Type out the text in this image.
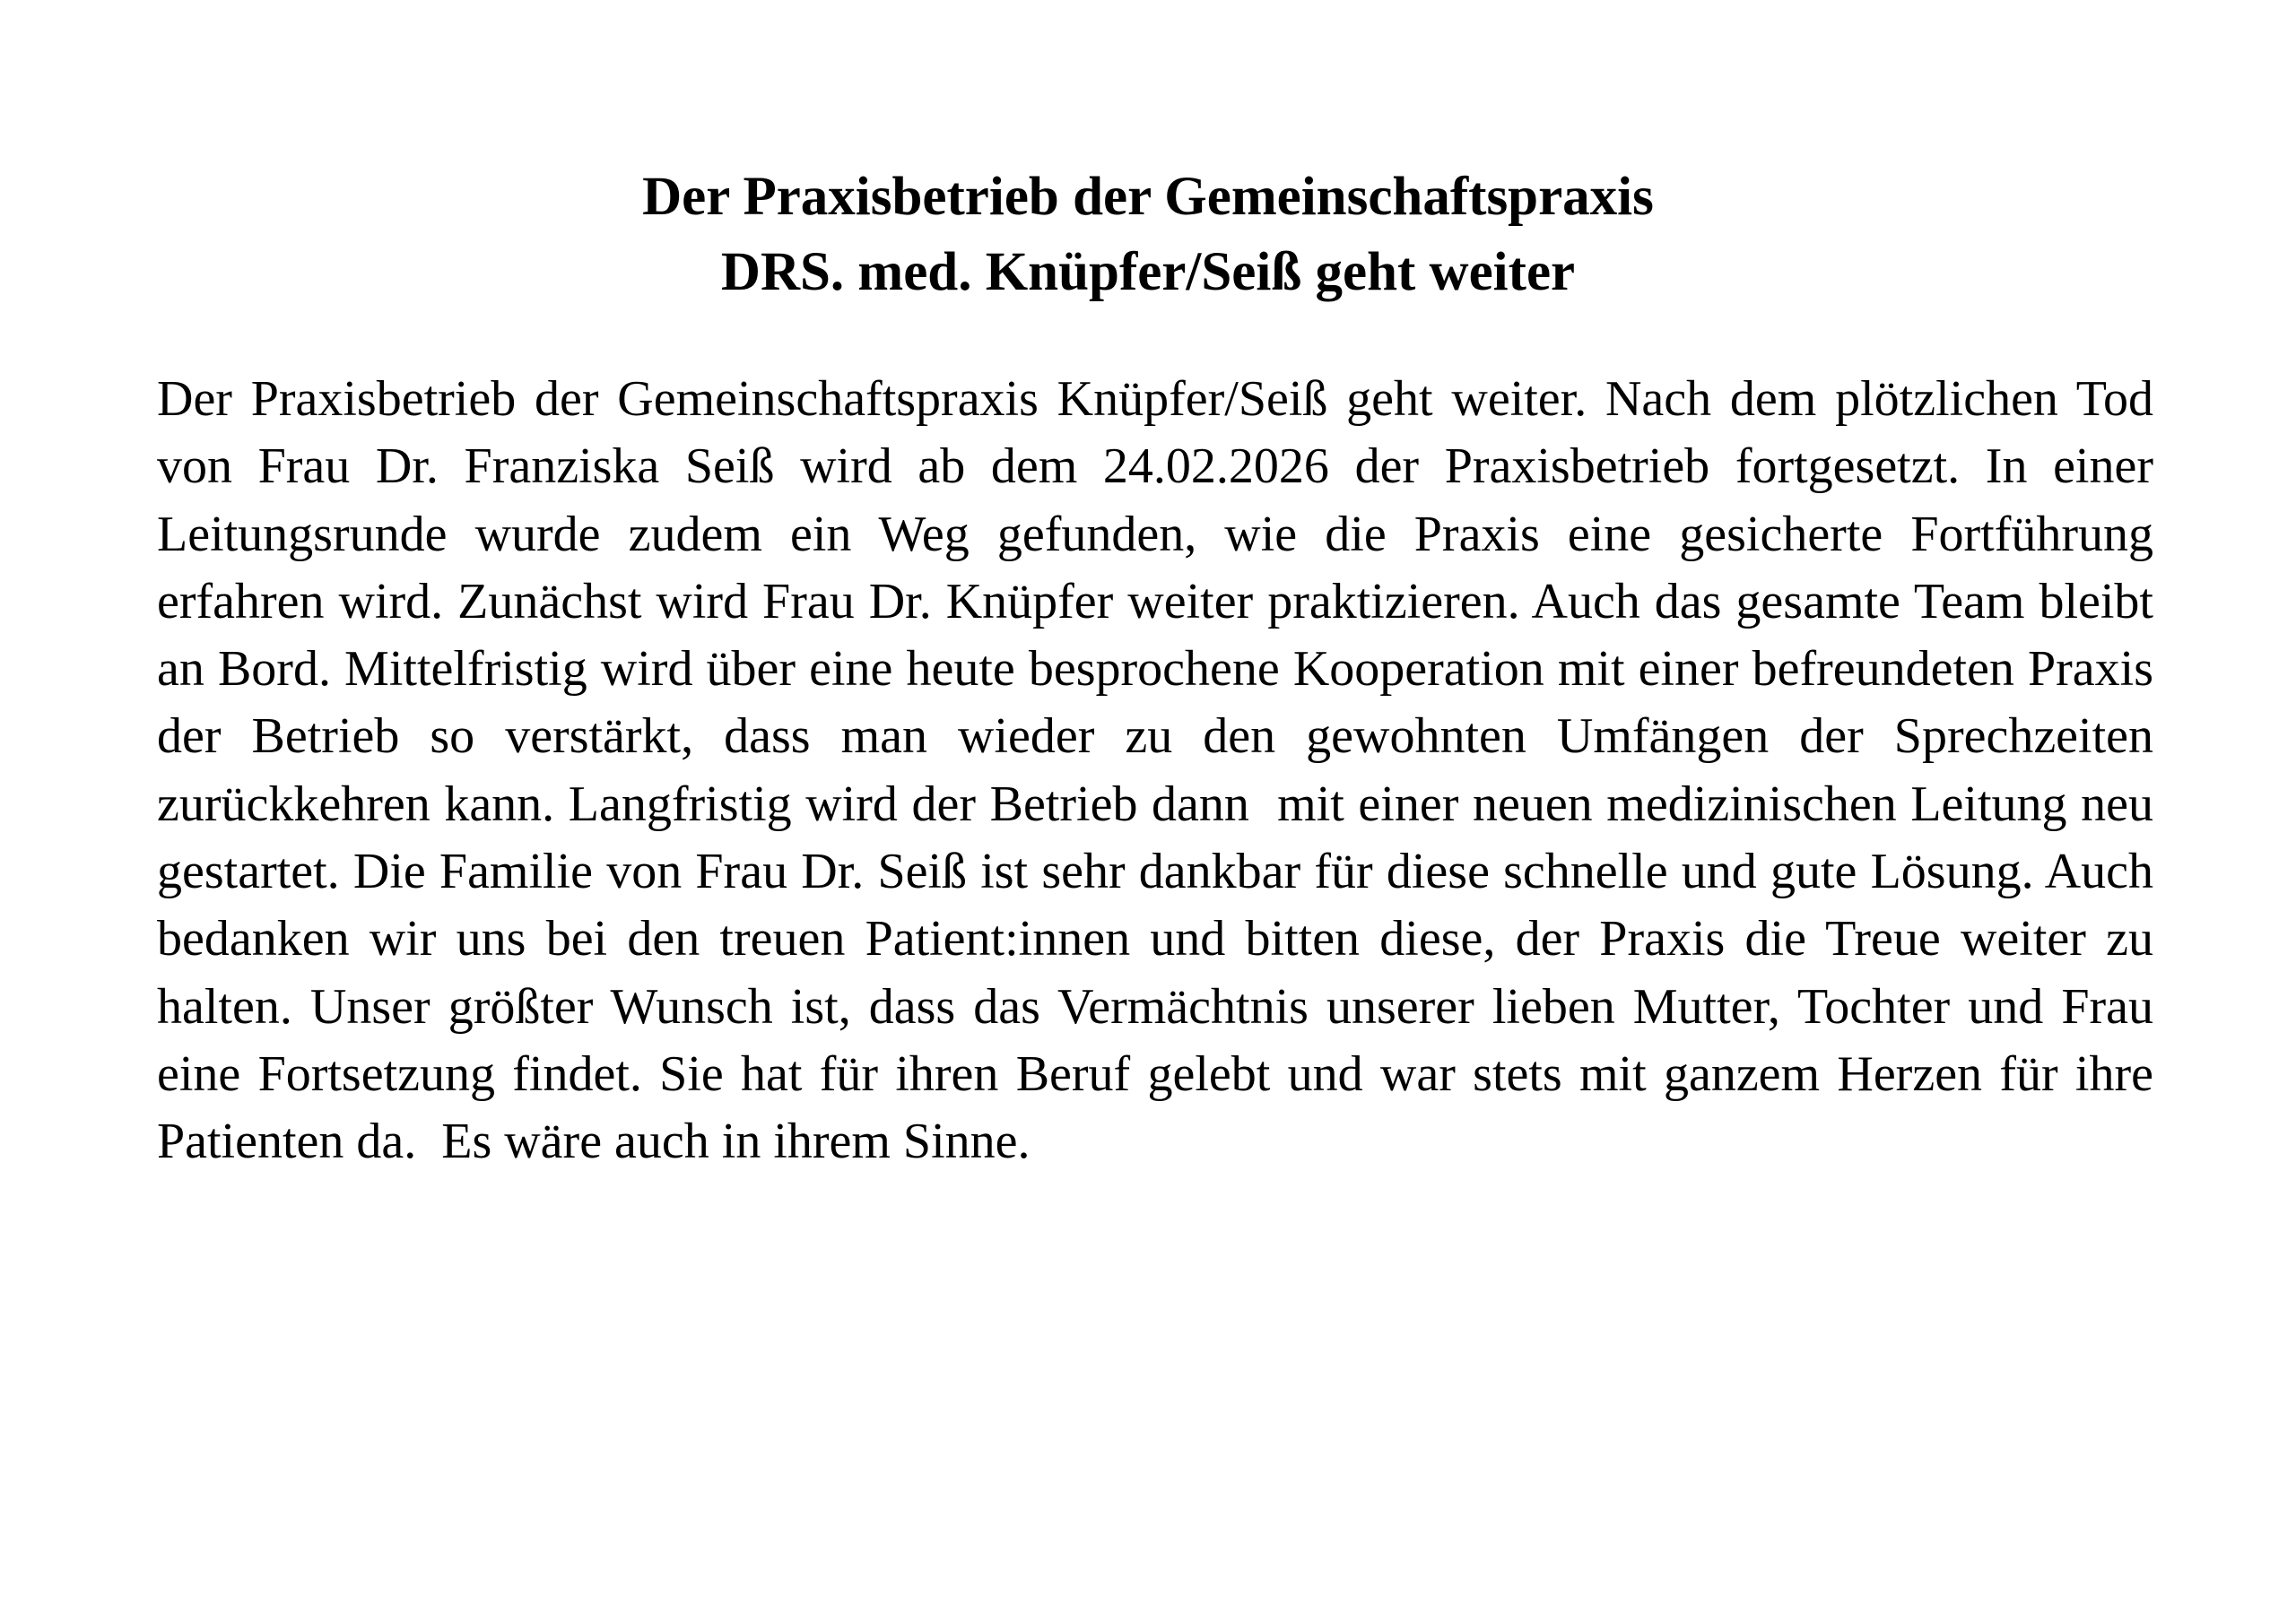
Der Praxisbetrieb der Gemeinschaftspraxis
DRS. med. Knüpfer/Seiß geht weiter

Der Praxisbetrieb der Gemeinschaftspraxis Knüpfer/Seiß geht weiter. Nach dem plötzlichen Tod von Frau Dr. Franziska Seiß wird ab dem 24.02.2026 der Praxisbetrieb fortgesetzt. In einer Leitungsrunde wurde zudem ein Weg gefunden, wie die Praxis eine gesicherte Fortführung erfahren wird. Zunächst wird Frau Dr. Knüpfer weiter praktizieren. Auch das gesamte Team bleibt an Bord. Mittelfristig wird über eine heute besprochene Kooperation mit einer befreundeten Praxis der Betrieb so verstärkt, dass man wieder zu den gewohnten Umfängen der Sprechzeiten zurückkehren kann. Langfristig wird der Betrieb dann  mit einer neuen medizinischen Leitung neu gestartet. Die Familie von Frau Dr. Seiß ist sehr dankbar für diese schnelle und gute Lösung. Auch bedanken wir uns bei den treuen Patient:innen und bitten diese, der Praxis die Treue weiter zu halten. Unser größter Wunsch ist, dass das Vermächtnis unserer lieben Mutter, Tochter und Frau eine Fortsetzung findet. Sie hat für ihren Beruf gelebt und war stets mit ganzem Herzen für ihre Patienten da.  Es wäre auch in ihrem Sinne.
